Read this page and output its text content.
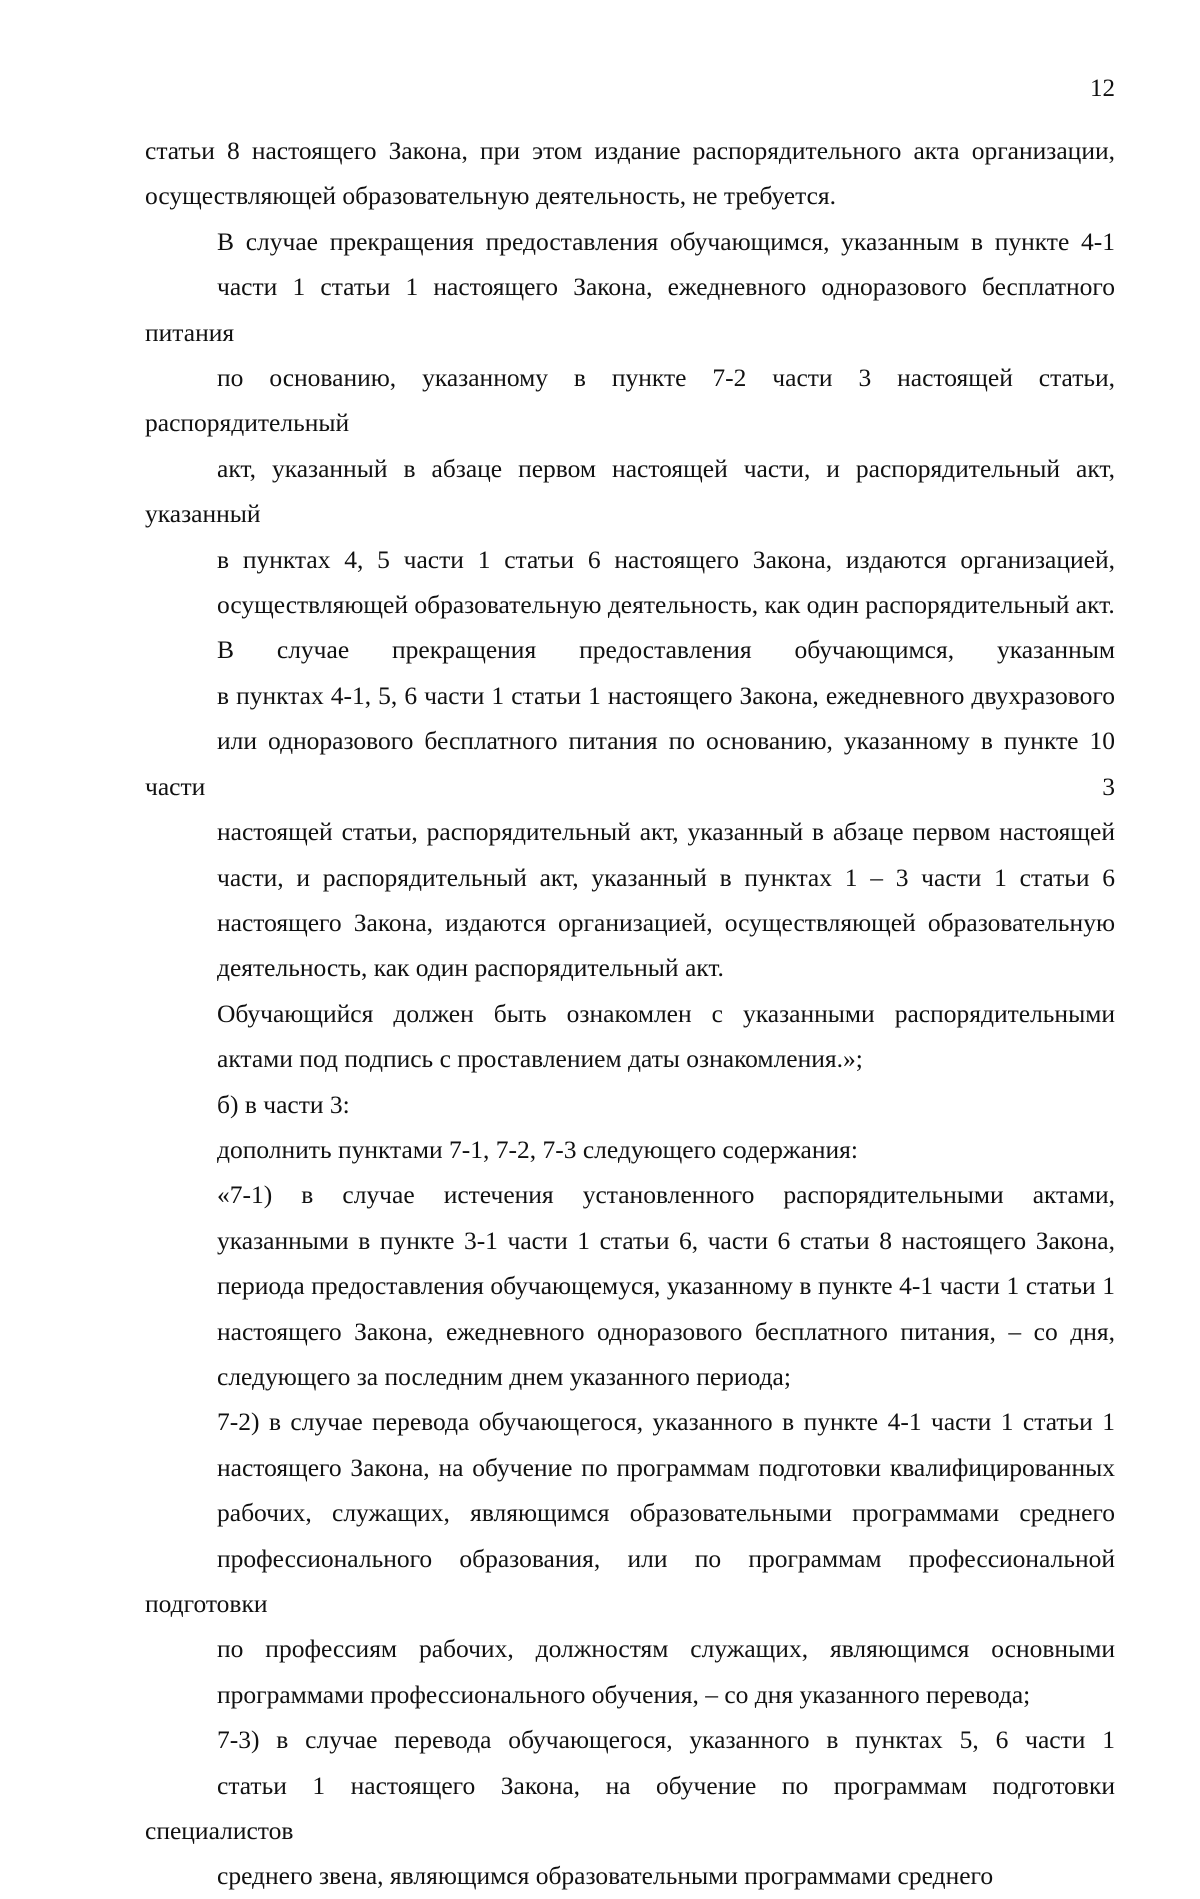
12

статьи 8 настоящего Закона, при этом издание распорядительного акта организации,
осуществляющей образовательную деятельность, не требуется.

В случае прекращения предоставления обучающимся, указанным в пункте 4-1
части 1 статьи 1 настоящего Закона, ежедневного одноразового бесплатного питания
по основанию, указанному в пункте 7-2 части 3 настоящей статьи, распорядительный
акт, указанный в абзаце первом настоящей части, и распорядительный акт, указанный
в пунктах 4, 5 части 1 статьи 6 настоящего Закона, издаются организацией,
осуществляющей образовательную деятельность, как один распорядительный акт.

В случае прекращения предоставления обучающимся, указанным
в пунктах 4-1, 5, 6 части 1 статьи 1 настоящего Закона, ежедневного двухразового
или одноразового бесплатного питания по основанию, указанному в пункте 10 части 3
настоящей статьи, распорядительный акт, указанный в абзаце первом настоящей
части, и распорядительный акт, указанный в пунктах 1 – 3 части 1 статьи 6
настоящего Закона, издаются организацией, осуществляющей образовательную
деятельность, как один распорядительный акт.

Обучающийся должен быть ознакомлен с указанными распорядительными
актами под подпись с проставлением даты ознакомления.»;

б) в части 3:

дополнить пунктами 7-1, 7-2, 7-3 следующего содержания:

«7-1) в случае истечения установленного распорядительными актами,
указанными в пункте 3-1 части 1 статьи 6, части 6 статьи 8 настоящего Закона,
периода предоставления обучающемуся, указанному в пункте 4-1 части 1 статьи 1
настоящего Закона, ежедневного одноразового бесплатного питания, – со дня,
следующего за последним днем указанного периода;

7-2) в случае перевода обучающегося, указанного в пункте 4-1 части 1 статьи 1
настоящего Закона, на обучение по программам подготовки квалифицированных
рабочих, служащих, являющимся образовательными программами среднего
профессионального образования, или по программам профессиональной подготовки
по профессиям рабочих, должностям служащих, являющимся основными
программами профессионального обучения, – со дня указанного перевода;

7-3) в случае перевода обучающегося, указанного в пунктах 5, 6 части 1
статьи 1 настоящего Закона, на обучение по программам подготовки специалистов
среднего звена, являющимся образовательными программами среднего
